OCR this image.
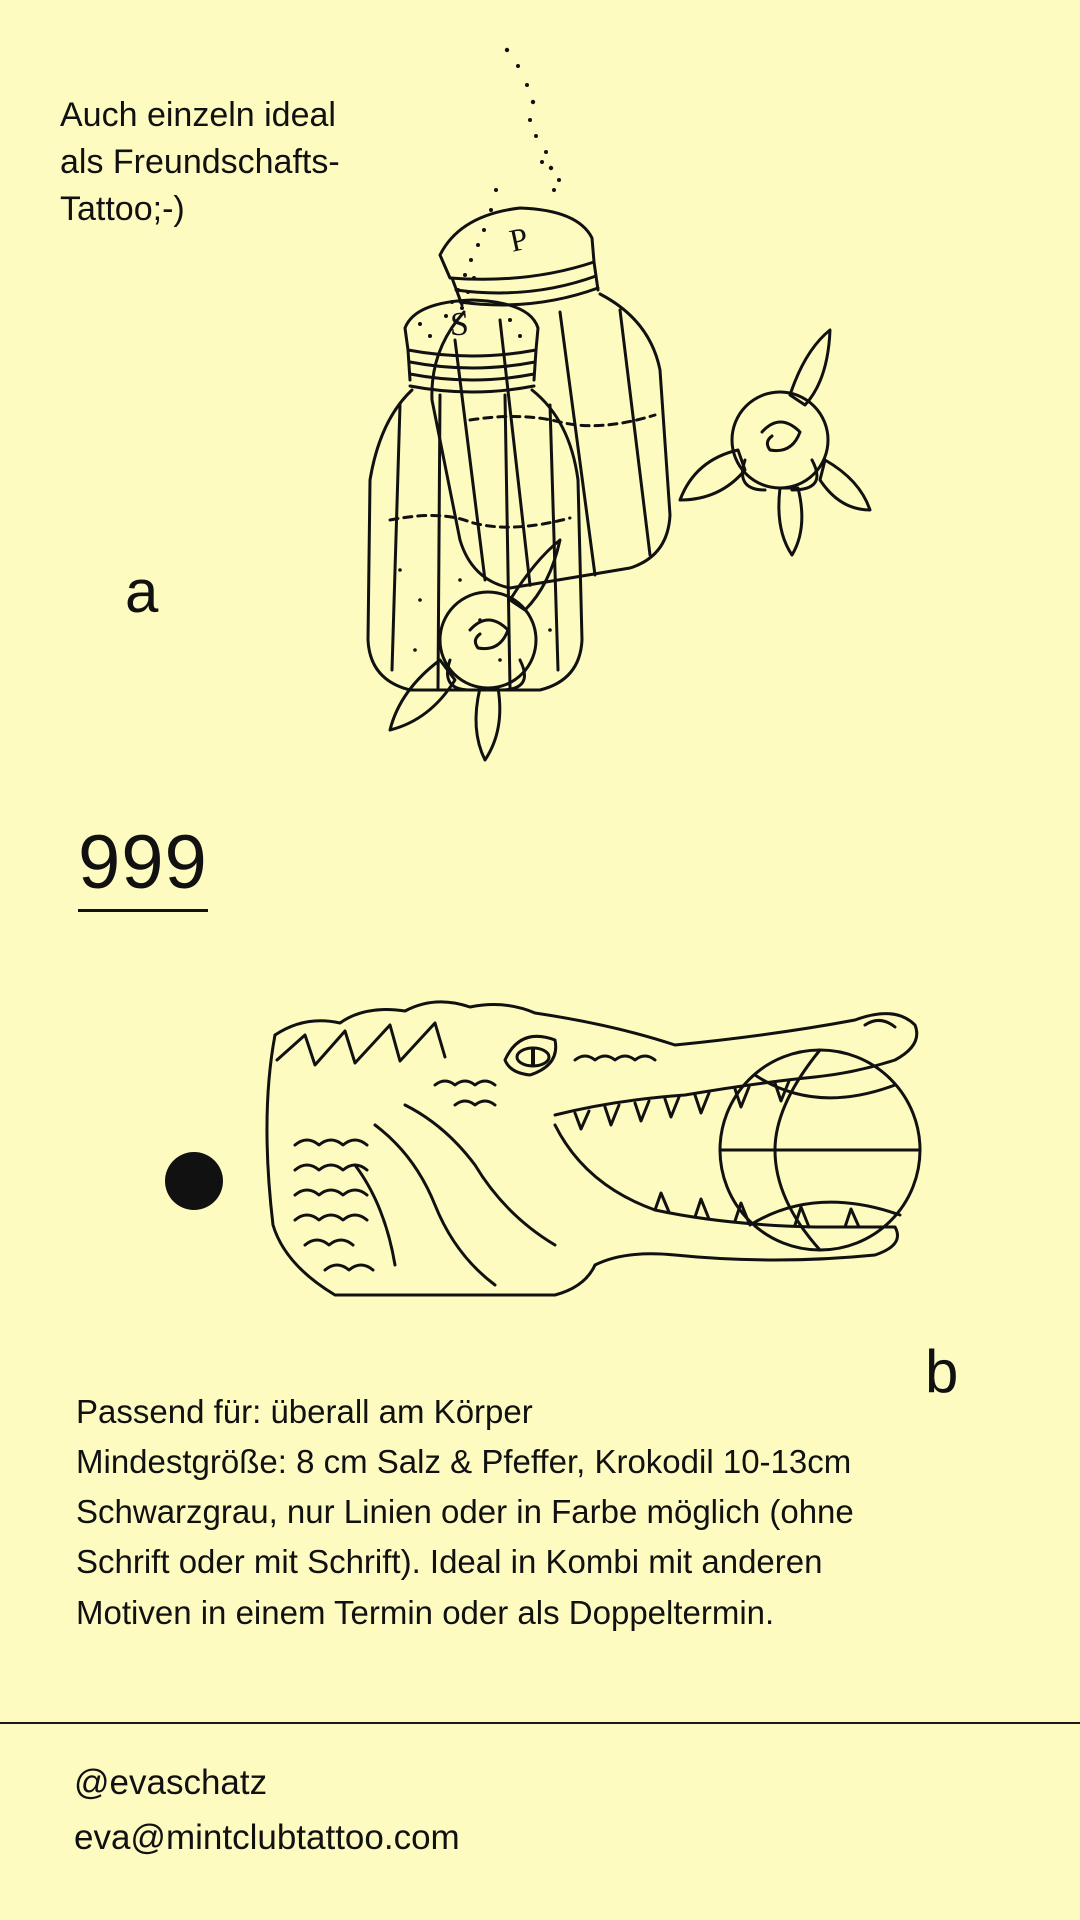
Auch einzeln ideal

als Freundschafts-

Tattoo;-)

S
P
a
999
b

Passend für: überall am Körper

Mindestgröße: 8 cm Salz & Pfeffer, Krokodil 10-13cm

Schwarzgrau, nur Linien oder in Farbe möglich (ohne

Schrift oder mit Schrift). Ideal in Kombi mit anderen

Motiven in einem Termin oder als Doppeltermin.

@evaschatz

eva@mintclubtattoo.com
